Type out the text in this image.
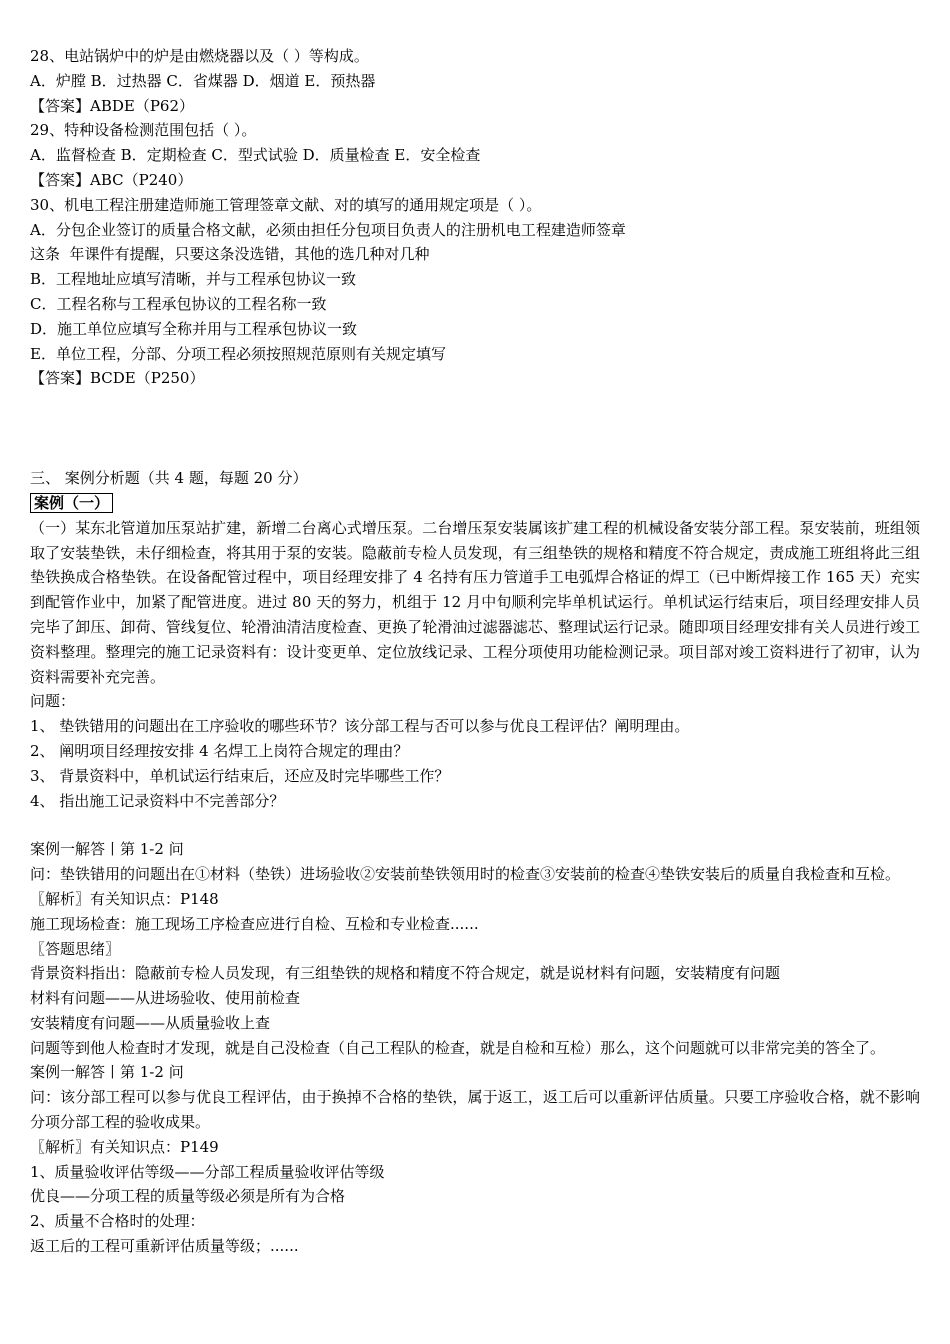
28、电站锅炉中的炉是由燃烧器以及（ ）等构成。
A．炉膛 B．过热器 C．省煤器 D．烟道 E．预热器
【答案】ABDE（P62）
29、特种设备检测范围包括（ ）。
A．监督检查 B．定期检查 C．型式试验 D．质量检查 E．安全检查
【答案】ABC（P240）
30、机电工程注册建造师施工管理签章文献、对的填写的通用规定项是（ ）。
A．分包企业签订的质量合格文献，必须由担任分包项目负责人的注册机电工程建造师签章
这条  年课件有提醒，只要这条没选错，其他的选几种对几种
B．工程地址应填写清晰，并与工程承包协议一致
C．工程名称与工程承包协议的工程名称一致
D．施工单位应填写全称并用与工程承包协议一致
E．单位工程，分部、分项工程必须按照规范原则有关规定填写
【答案】BCDE（P250）
三、 案例分析题（共 4 题，每题 20 分）
案例（一）
（一）某东北管道加压泵站扩建，新增二台离心式增压泵。二台增压泵安装属该扩建工程的机械设备安装分部工程。泵安装前，班组领取了安装垫铁，未仔细检查，将其用于泵的安装。隐蔽前专检人员发现，有三组垫铁的规格和精度不符合规定，责成施工班组将此三组垫铁换成合格垫铁。在设备配管过程中，项目经理安排了 4 名持有压力管道手工电弧焊合格证的焊工（已中断焊接工作 165 天）充实到配管作业中，加紧了配管进度。进过 80 天的努力，机组于 12 月中旬顺利完毕单机试运行。单机试运行结束后，项目经理安排人员完毕了卸压、卸荷、管线复位、轮滑油清洁度检查、更换了轮滑油过滤器滤芯、整理试运行记录。随即项目经理安排有关人员进行竣工资料整理。整理完的施工记录资料有：设计变更单、定位放线记录、工程分项使用功能检测记录。项目部对竣工资料进行了初审，认为资料需要补充完善。
问题：
1、 垫铁错用的问题出在工序验收的哪些环节？该分部工程与否可以参与优良工程评估？阐明理由。
2、 阐明项目经理按安排 4 名焊工上岗符合规定的理由？
3、 背景资料中，单机试运行结束后，还应及时完毕哪些工作？
4、 指出施工记录资料中不完善部分？
案例一解答丨第 1-2 问
问：垫铁错用的问题出在①材料（垫铁）进场验收②安装前垫铁领用时的检查③安装前的检查④垫铁安装后的质量自我检查和互检。
〖解析〗有关知识点：P148
施工现场检查：施工现场工序检查应进行自检、互检和专业检查......
〖答题思绪〗
背景资料指出：隐蔽前专检人员发现，有三组垫铁的规格和精度不符合规定，就是说材料有问题，安装精度有问题
材料有问题——从进场验收、使用前检查
安装精度有问题——从质量验收上查
问题等到他人检查时才发现，就是自己没检查（自己工程队的检查，就是自检和互检）那么，这个问题就可以非常完美的答全了。
案例一解答丨第 1-2 问
问：该分部工程可以参与优良工程评估，由于换掉不合格的垫铁，属于返工，返工后可以重新评估质量。只要工序验收合格，就不影响分项分部工程的验收成果。
〖解析〗有关知识点：P149
1、质量验收评估等级——分部工程质量验收评估等级
优良——分项工程的质量等级必须是所有为合格
2、质量不合格时的处理：
返工后的工程可重新评估质量等级；......
